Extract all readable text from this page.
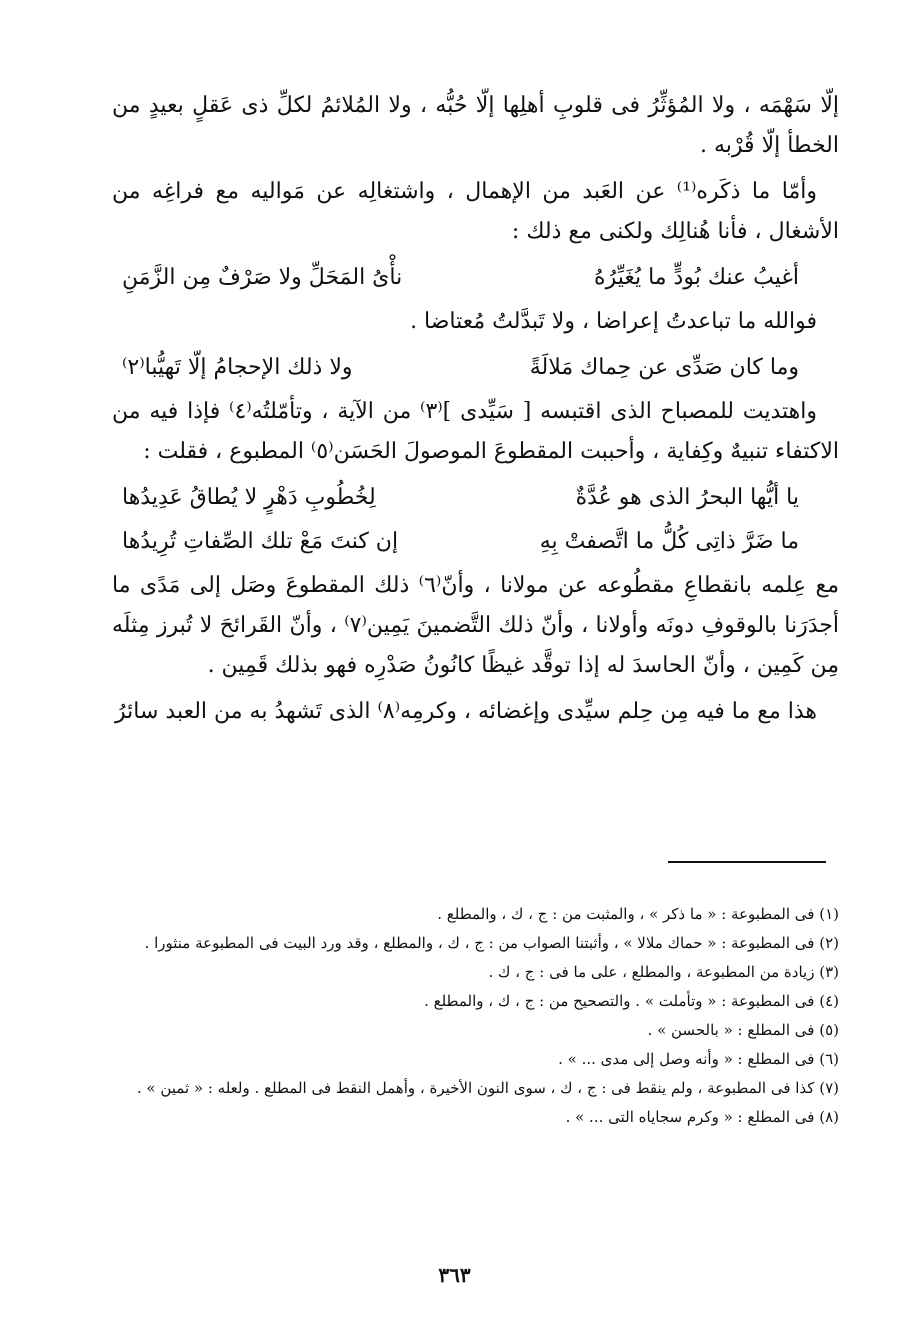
إلّا سَهْمَه ، ولا المُؤثِّرُ فى قلوبِ أهلِها إلّا حُبُّه ، ولا المُلائمُ لكلِّ ذى عَقلٍ بعيدٍ من الخطأ إلّا قُرْبه .

وأمّا ما ذكَره⁽¹⁾ عن العَبد من الإهمال ، واشتغالِه عن مَواليه مع فراغِه من الأشغال ، فأنا هُنالِك ولكنى مع ذلك :

أغيبُ عنك بُودٍّ ما يُغَيِّرُهُ
نأْىُ المَحَلِّ ولا صَرْفٌ مِن الزَّمَنِ

فوالله ما تباعدتُ إعراضا ، ولا تَبدَّلتُ مُعتاضا .

وما كان صَدِّى عن حِماك مَلالَةً
ولا ذلك الإحجامُ إلّا تَهيُّبا⁽٢⁾

واهتديت للمصباح الذى اقتبسه [ سَيِّدى ]⁽٣⁾ من الآية ، وتأمّلتُه⁽٤⁾ فإذا فيه من الاكتفاء تنبيهٌ وكِفاية ، وأحببت المقطوعَ الموصولَ الحَسَن⁽٥⁾ المطبوع ، فقلت :

يا أيُّها البحرُ الذى هو عُدَّةٌ
لِخُطُوبِ دَهْرٍ لا يُطاقُ عَدِيدُها
ما ضَرَّ ذاتِى كُلُّ ما اتَّصفتْ بِهِ
إن كنتَ مَعْ تلك الصِّفاتِ تُرِيدُها

مع عِلمه بانقطاعِ مقطُوعه عن مولانا ، وأنّ⁽٦⁾ ذلك المقطوعَ وصَل إلى مَدًى ما أجدَرَنا بالوقوفِ دونَه وأولانا ، وأنّ ذلك التَّضمينَ يَمِين⁽٧⁾ ، وأنّ القَرائحَ لا تُبرز مِثلَه مِن كَمِين ، وأنّ الحاسدَ له إذا توقَّد غيظًا كانُونُ صَدْرِه فهو بذلك قَمِين .

هذا مع ما فيه مِن حِلم سيِّدى وإغضائه ، وكرمِه⁽٨⁾ الذى تَشهدُ به من العبد سائرُ

(١) فى المطبوعة : « ما ذكر » ، والمثبت من : ج ، ك ، والمطلع .

(٢) فى المطبوعة : « حماك ملالا » ، وأثبتنا الصواب من : ج ، ك ، والمطلع ، وقد ورد البيت فى المطبوعة منثورا .

(٣) زيادة من المطبوعة ، والمطلع ، على ما فى : ج ، ك .

(٤) فى المطبوعة : « وتأملت » . والتصحيح من : ج ، ك ، والمطلع .

(٥) فى المطلع : « بالحسن » .

(٦) فى المطلع : « وأنه وصل إلى مدى ... » .

(٧) كذا فى المطبوعة ، ولم ينقط فى : ج ، ك ، سوى النون الأخيرة ، وأهمل النقط فى المطلع . ولعله : « ثمين » .

(٨) فى المطلع : « وكرم سجاياه التى ... » .

٣٦٣
